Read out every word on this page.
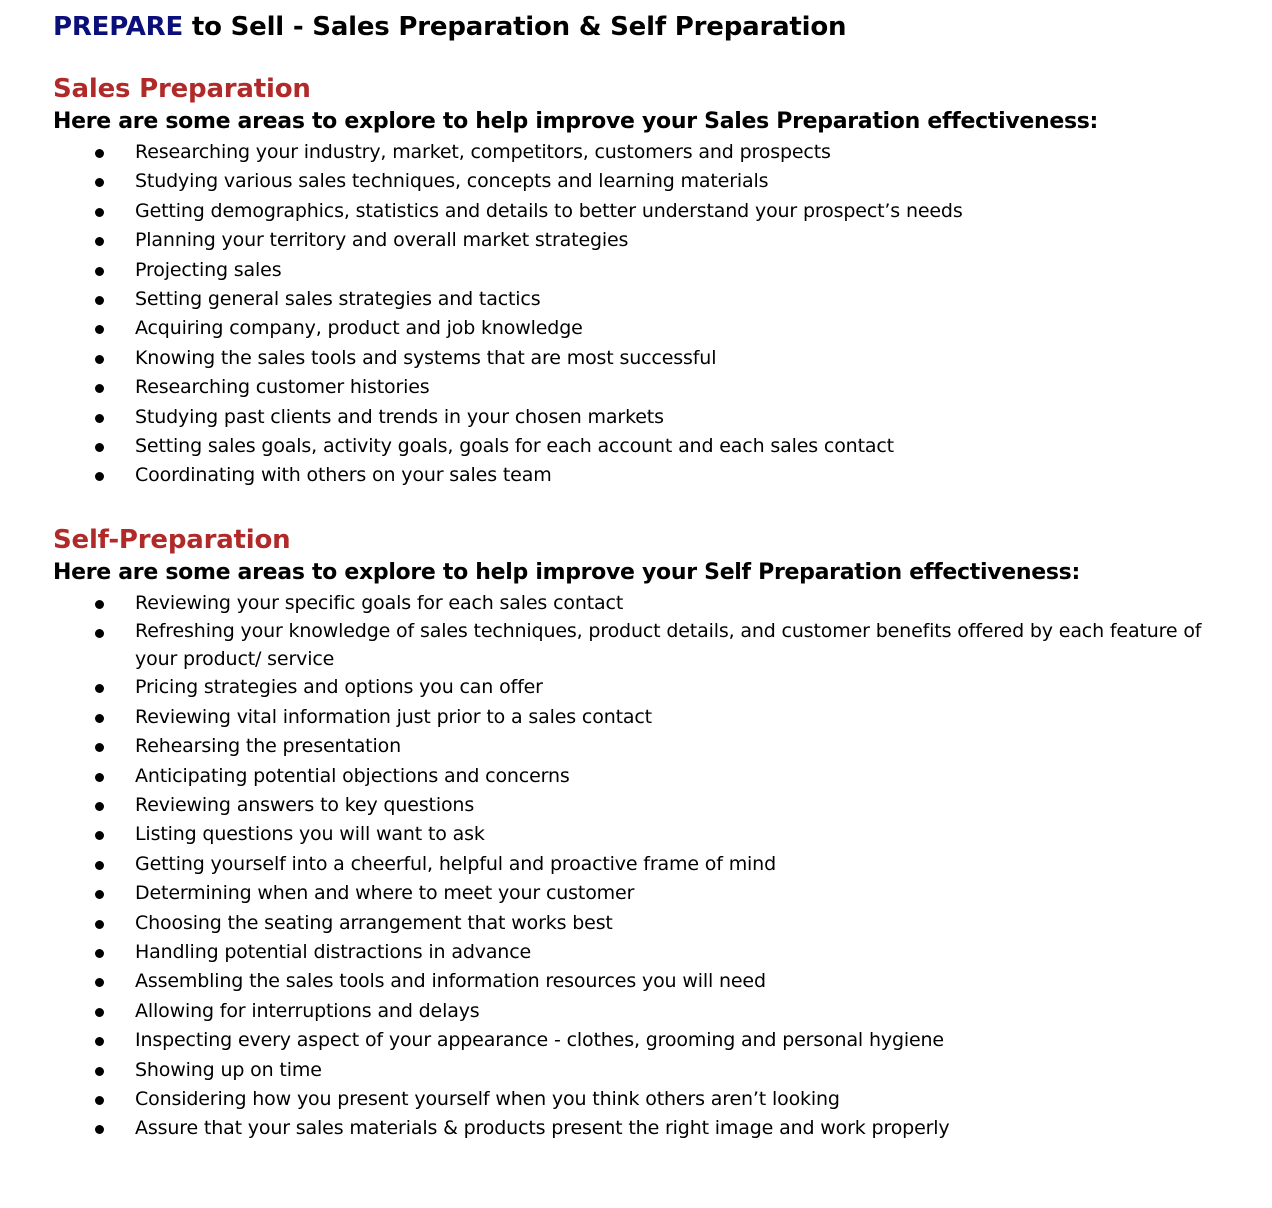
PREPARE to Sell - Sales Preparation & Self Preparation
Sales Preparation

Here are some areas to explore to help improve your Sales Preparation effectiveness:

Researching your industry, market, competitors, customers and prospects
Studying various sales techniques, concepts and learning materials
Getting demographics, statistics and details to better understand your prospect’s needs
Planning your territory and overall market strategies
Projecting sales
Setting general sales strategies and tactics
Acquiring company, product and job knowledge
Knowing the sales tools and systems that are most successful
Researching customer histories
Studying past clients and trends in your chosen markets
Setting sales goals, activity goals, goals for each account and each sales contact
Coordinating with others on your sales team
Self-Preparation

Here are some areas to explore to help improve your Self Preparation effectiveness:

Reviewing your specific goals for each sales contact
Refreshing your knowledge of sales techniques, product details, and customer benefits offered by each feature of your product/ service
Pricing strategies and options you can offer
Reviewing vital information just prior to a sales contact
Rehearsing the presentation
Anticipating potential objections and concerns
Reviewing answers to key questions
Listing questions you will want to ask
Getting yourself into a cheerful, helpful and proactive frame of mind
Determining when and where to meet your customer
Choosing the seating arrangement that works best
Handling potential distractions in advance
Assembling the sales tools and information resources you will need
Allowing for interruptions and delays
Inspecting every aspect of your appearance - clothes, grooming and personal hygiene
Showing up on time
Considering how you present yourself when you think others aren’t looking
Assure that your sales materials & products present the right image and work properly
